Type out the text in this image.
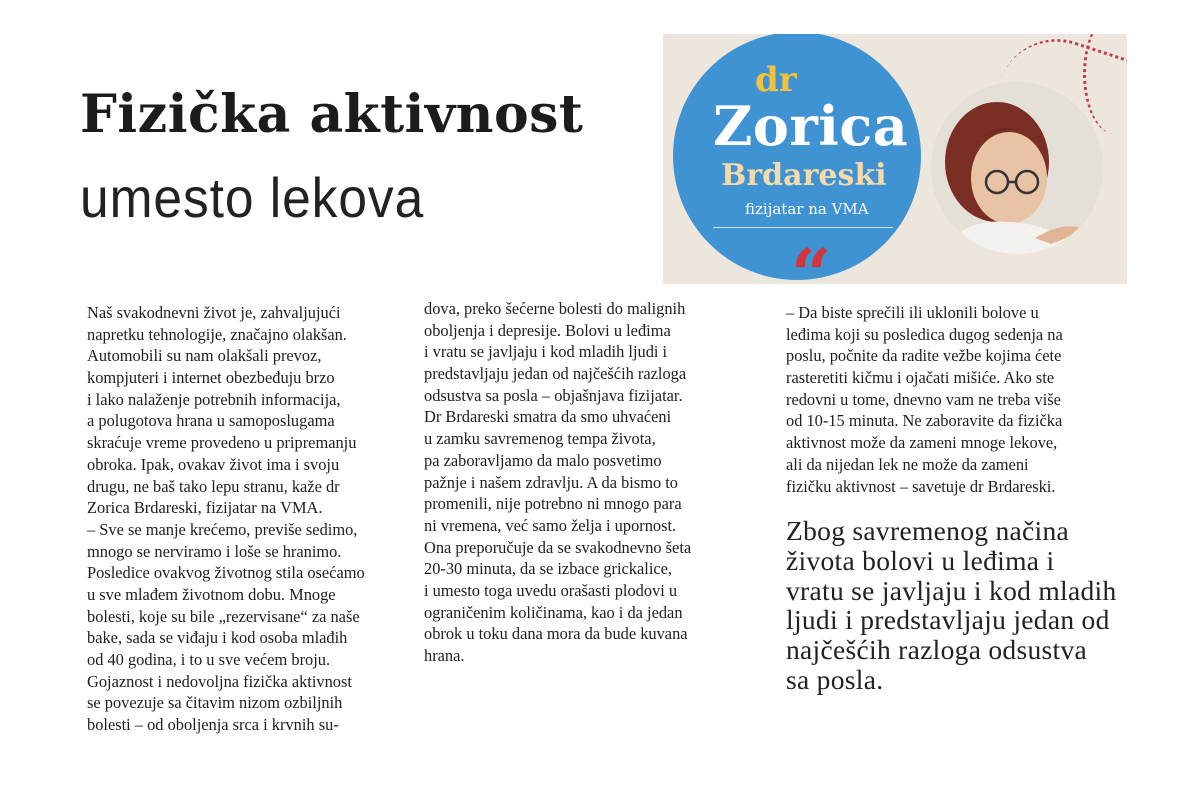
Fizička aktivnost
umesto lekova
dr
Zorica
Brdareski
fizijatar na VMA
“
Naš svakodnevni život je, zahvaljujući
napretku tehnologije, značajno olakšan.
Automobili su nam olakšali prevoz,
kompjuteri i internet obezbeđuju brzo
i lako nalaženje potrebnih informacija,
a polugotova hrana u samoposlugama
skraćuje vreme provedeno u pripremanju
obroka. Ipak, ovakav život ima i svoju
drugu, ne baš tako lepu stranu, kaže dr
Zorica Brdareski, fizijatar na VMA.
– Sve se manje krećemo, previše sedimo,
mnogo se nerviramo i loše se hranimo.
Posledice ovakvog životnog stila osećamo
u sve mlađem životnom dobu. Mnoge
bolesti, koje su bile „rezervisane“ za naše
bake, sada se viđaju i kod osoba mlađih
od 40 godina, i to u sve većem broju.
Gojaznost i nedovoljna fizička aktivnost
se povezuje sa čitavim nizom ozbiljnih
bolesti – od oboljenja srca i krvnih su-
dova, preko šećerne bolesti do malignih
oboljenja i depresije. Bolovi u leđima
i vratu se javljaju i kod mladih ljudi i
predstavljaju jedan od najčešćih razloga
odsustva sa posla – objašnjava fizijatar.
Dr Brdareski smatra da smo uhvaćeni
u zamku savremenog tempa života,
pa zaboravljamo da malo posvetimo
pažnje i našem zdravlju. A da bismo to
promenili, nije potrebno ni mnogo para
ni vremena, već samo želja i upornost.
Ona preporučuje da se svakodnevno šeta
20-30 minuta, da se izbace grickalice,
i umesto toga uvedu orašasti plodovi u
ograničenim količinama, kao i da jedan
obrok u toku dana mora da bude kuvana
hrana.
– Da biste sprečili ili uklonili bolove u
leđima koji su posledica dugog sedenja na
poslu, počnite da radite vežbe kojima ćete
rasteretiti kičmu i ojačati mišiće. Ako ste
redovni u tome, dnevno vam ne treba više
od 10-15 minuta. Ne zaboravite da fizička
aktivnost može da zameni mnoge lekove,
ali da nijedan lek ne može da zameni
fizičku aktivnost – savetuje dr Brdareski.
Zbog savremenog načina
života bolovi u leđima i
vratu se javljaju i kod mladih
ljudi i predstavljaju jedan od
najčešćih razloga odsustva
sa posla.
